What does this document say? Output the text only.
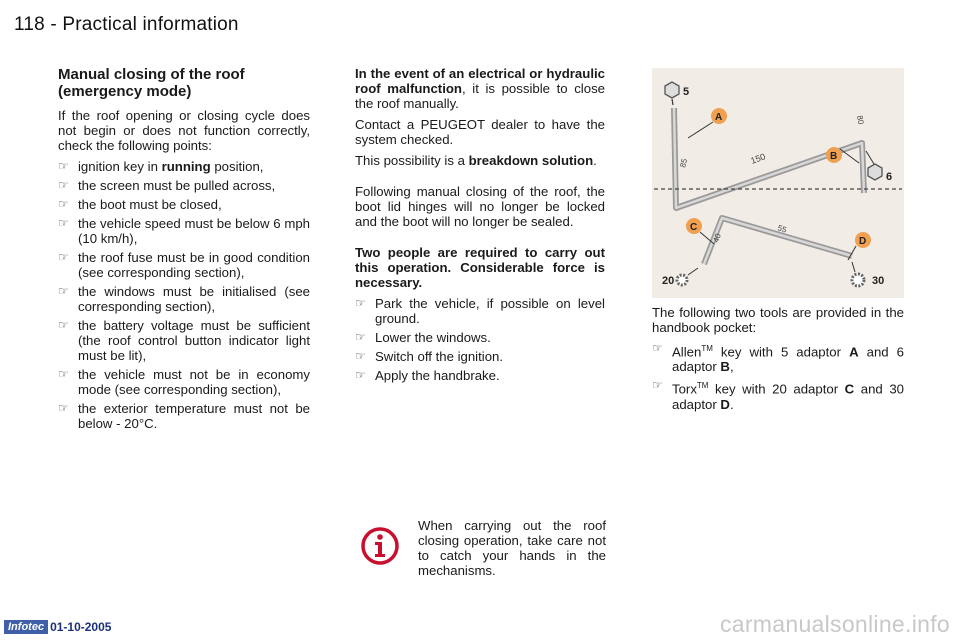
118 - Practical information
Manual closing of the roof (emergency mode)

If the roof opening or closing cycle does not begin or does not function correctly, check the following points:

☞ ignition key in running position,
☞ the screen must be pulled across,
☞ the boot must be closed,
☞ the vehicle speed must be below 6 mph (10 km/h),
☞ the roof fuse must be in good condition (see corresponding section),
☞ the windows must be initialised (see corresponding section),
☞ the battery voltage must be sufficient (the roof control button indicator light must be lit),
☞ the vehicle must not be in economy mode (see corresponding section),
☞ the exterior temperature must not be below - 20°C.

In the event of an electrical or hydraulic roof malfunction, it is possible to close the roof manually.

Contact a PEUGEOT dealer to have the system checked.

This possibility is a breakdown solution.

Following manual closing of the roof, the boot lid hinges will no longer be locked and the boot will no longer be sealed.

Two people are required to carry out this operation. Considerable force is necessary.

☞ Park the vehicle, if possible on level ground.
☞ Lower the windows.
☞ Switch off the ignition.
☞ Apply the handbrake.
5
A
150
85
80
B
6
C	55
40	D
20	30

The following two tools are provided in the handbook pocket:

☞ Allen™ key with 5 adaptor A and 6 adaptor B,
☞ Torx™ key with 20 adaptor C and 30 adaptor D.
When carrying out the roof closing operation, take care not to catch your hands in the mechanisms.
Infotec 01-10-2005	carmanualsonline.info
